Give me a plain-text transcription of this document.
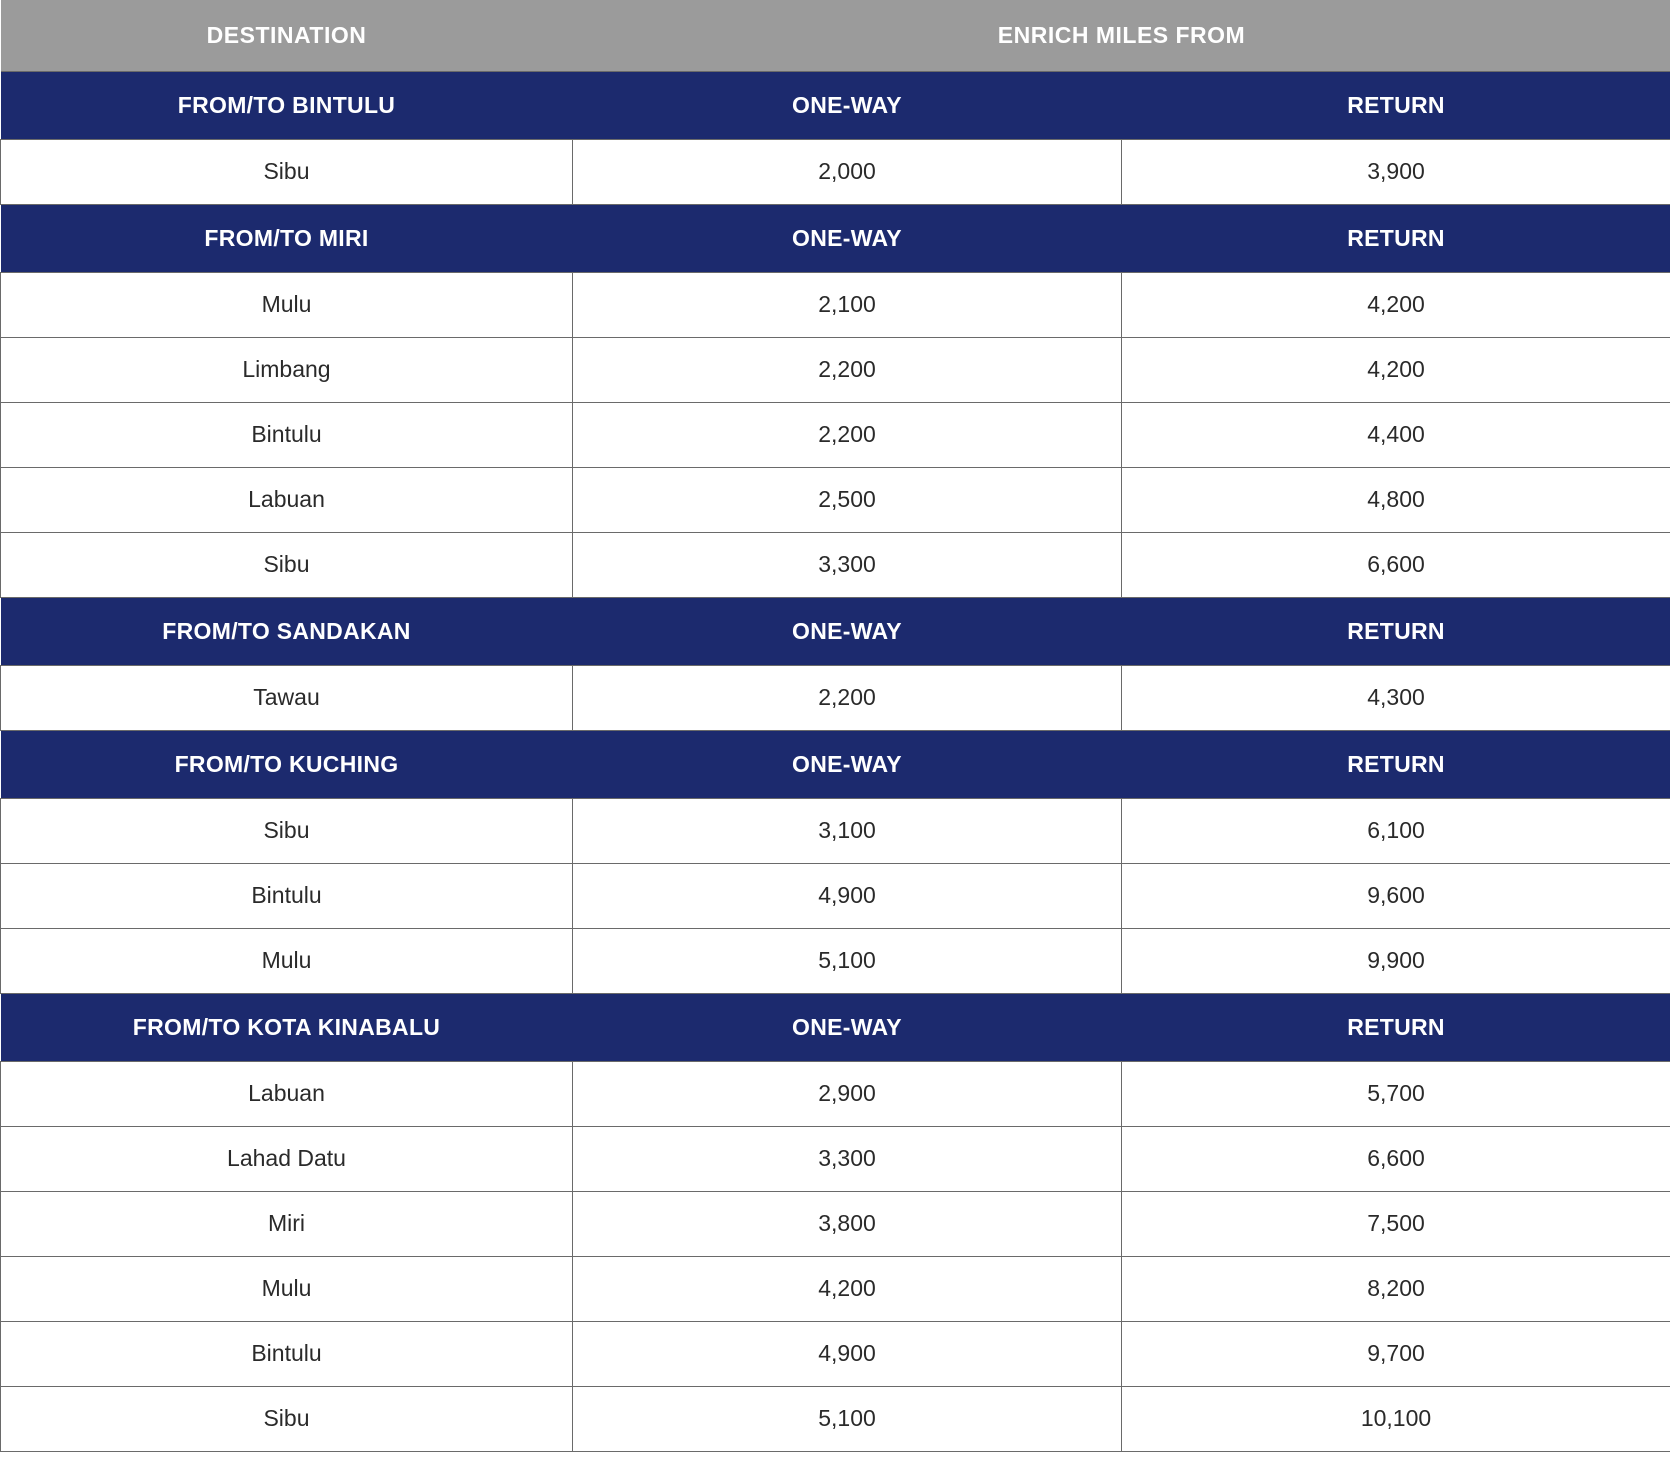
DESTINATION	ENRICH MILES FROM	
FROM/TO BINTULU	ONE-WAY	RETURN
Sibu	2,000	3,900
FROM/TO MIRI	ONE-WAY	RETURN
Mulu	2,100	4,200
Limbang	2,200	4,200
Bintulu	2,200	4,400
Labuan	2,500	4,800
Sibu	3,300	6,600
FROM/TO SANDAKAN	ONE-WAY	RETURN
Tawau	2,200	4,300
FROM/TO KUCHING	ONE-WAY	RETURN
Sibu	3,100	6,100
Bintulu	4,900	9,600
Mulu	5,100	9,900
FROM/TO KOTA KINABALU	ONE-WAY	RETURN
Labuan	2,900	5,700
Lahad Datu	3,300	6,600
Miri	3,800	7,500
Mulu	4,200	8,200
Bintulu	4,900	9,700
Sibu	5,100	10,100
